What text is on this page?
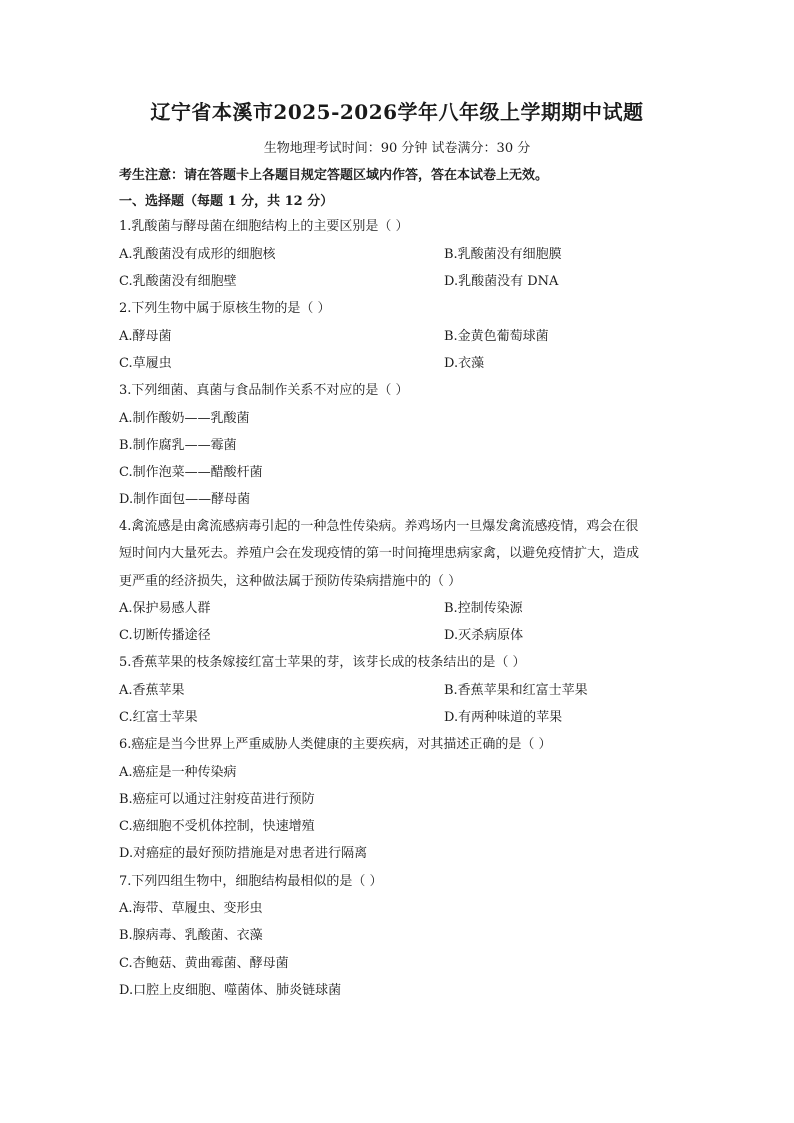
辽宁省本溪市2025-2026学年八年级上学期期中试题
生物地理考试时间：90 分钟 试卷满分：30 分
考生注意：请在答题卡上各题目规定答题区域内作答，答在本试卷上无效。
一、选择题（每题 1 分，共 12 分）
1.乳酸菌与酵母菌在细胞结构上的主要区别是（ ）
A.乳酸菌没有成形的细胞核	B.乳酸菌没有细胞膜
C.乳酸菌没有细胞壁	D.乳酸菌没有 DNA
2.下列生物中属于原核生物的是（ ）
A.酵母菌	B.金黄色葡萄球菌
C.草履虫	D.衣藻
3.下列细菌、真菌与食品制作关系不对应的是（ ）
A.制作酸奶——乳酸菌
B.制作腐乳——霉菌
C.制作泡菜——醋酸杆菌
D.制作面包——酵母菌
4.禽流感是由禽流感病毒引起的一种急性传染病。养鸡场内一旦爆发禽流感疫情，鸡会在很
短时间内大量死去。养殖户会在发现疫情的第一时间掩埋患病家禽，以避免疫情扩大，造成
更严重的经济损失，这种做法属于预防传染病措施中的（ ）
A.保护易感人群	B.控制传染源
C.切断传播途径	D.灭杀病原体
5.香蕉苹果的枝条嫁接红富士苹果的芽，该芽长成的枝条结出的是（ ）
A.香蕉苹果	B.香蕉苹果和红富士苹果
C.红富士苹果	D.有两种味道的苹果
6.癌症是当今世界上严重威胁人类健康的主要疾病，对其描述正确的是（ ）
A.癌症是一种传染病
B.癌症可以通过注射疫苗进行预防
C.癌细胞不受机体控制，快速增殖
D.对癌症的最好预防措施是对患者进行隔离
7.下列四组生物中，细胞结构最相似的是（ ）
A.海带、草履虫、变形虫
B.腺病毒、乳酸菌、衣藻
C.杏鲍菇、黄曲霉菌、酵母菌
D.口腔上皮细胞、噬菌体、肺炎链球菌
